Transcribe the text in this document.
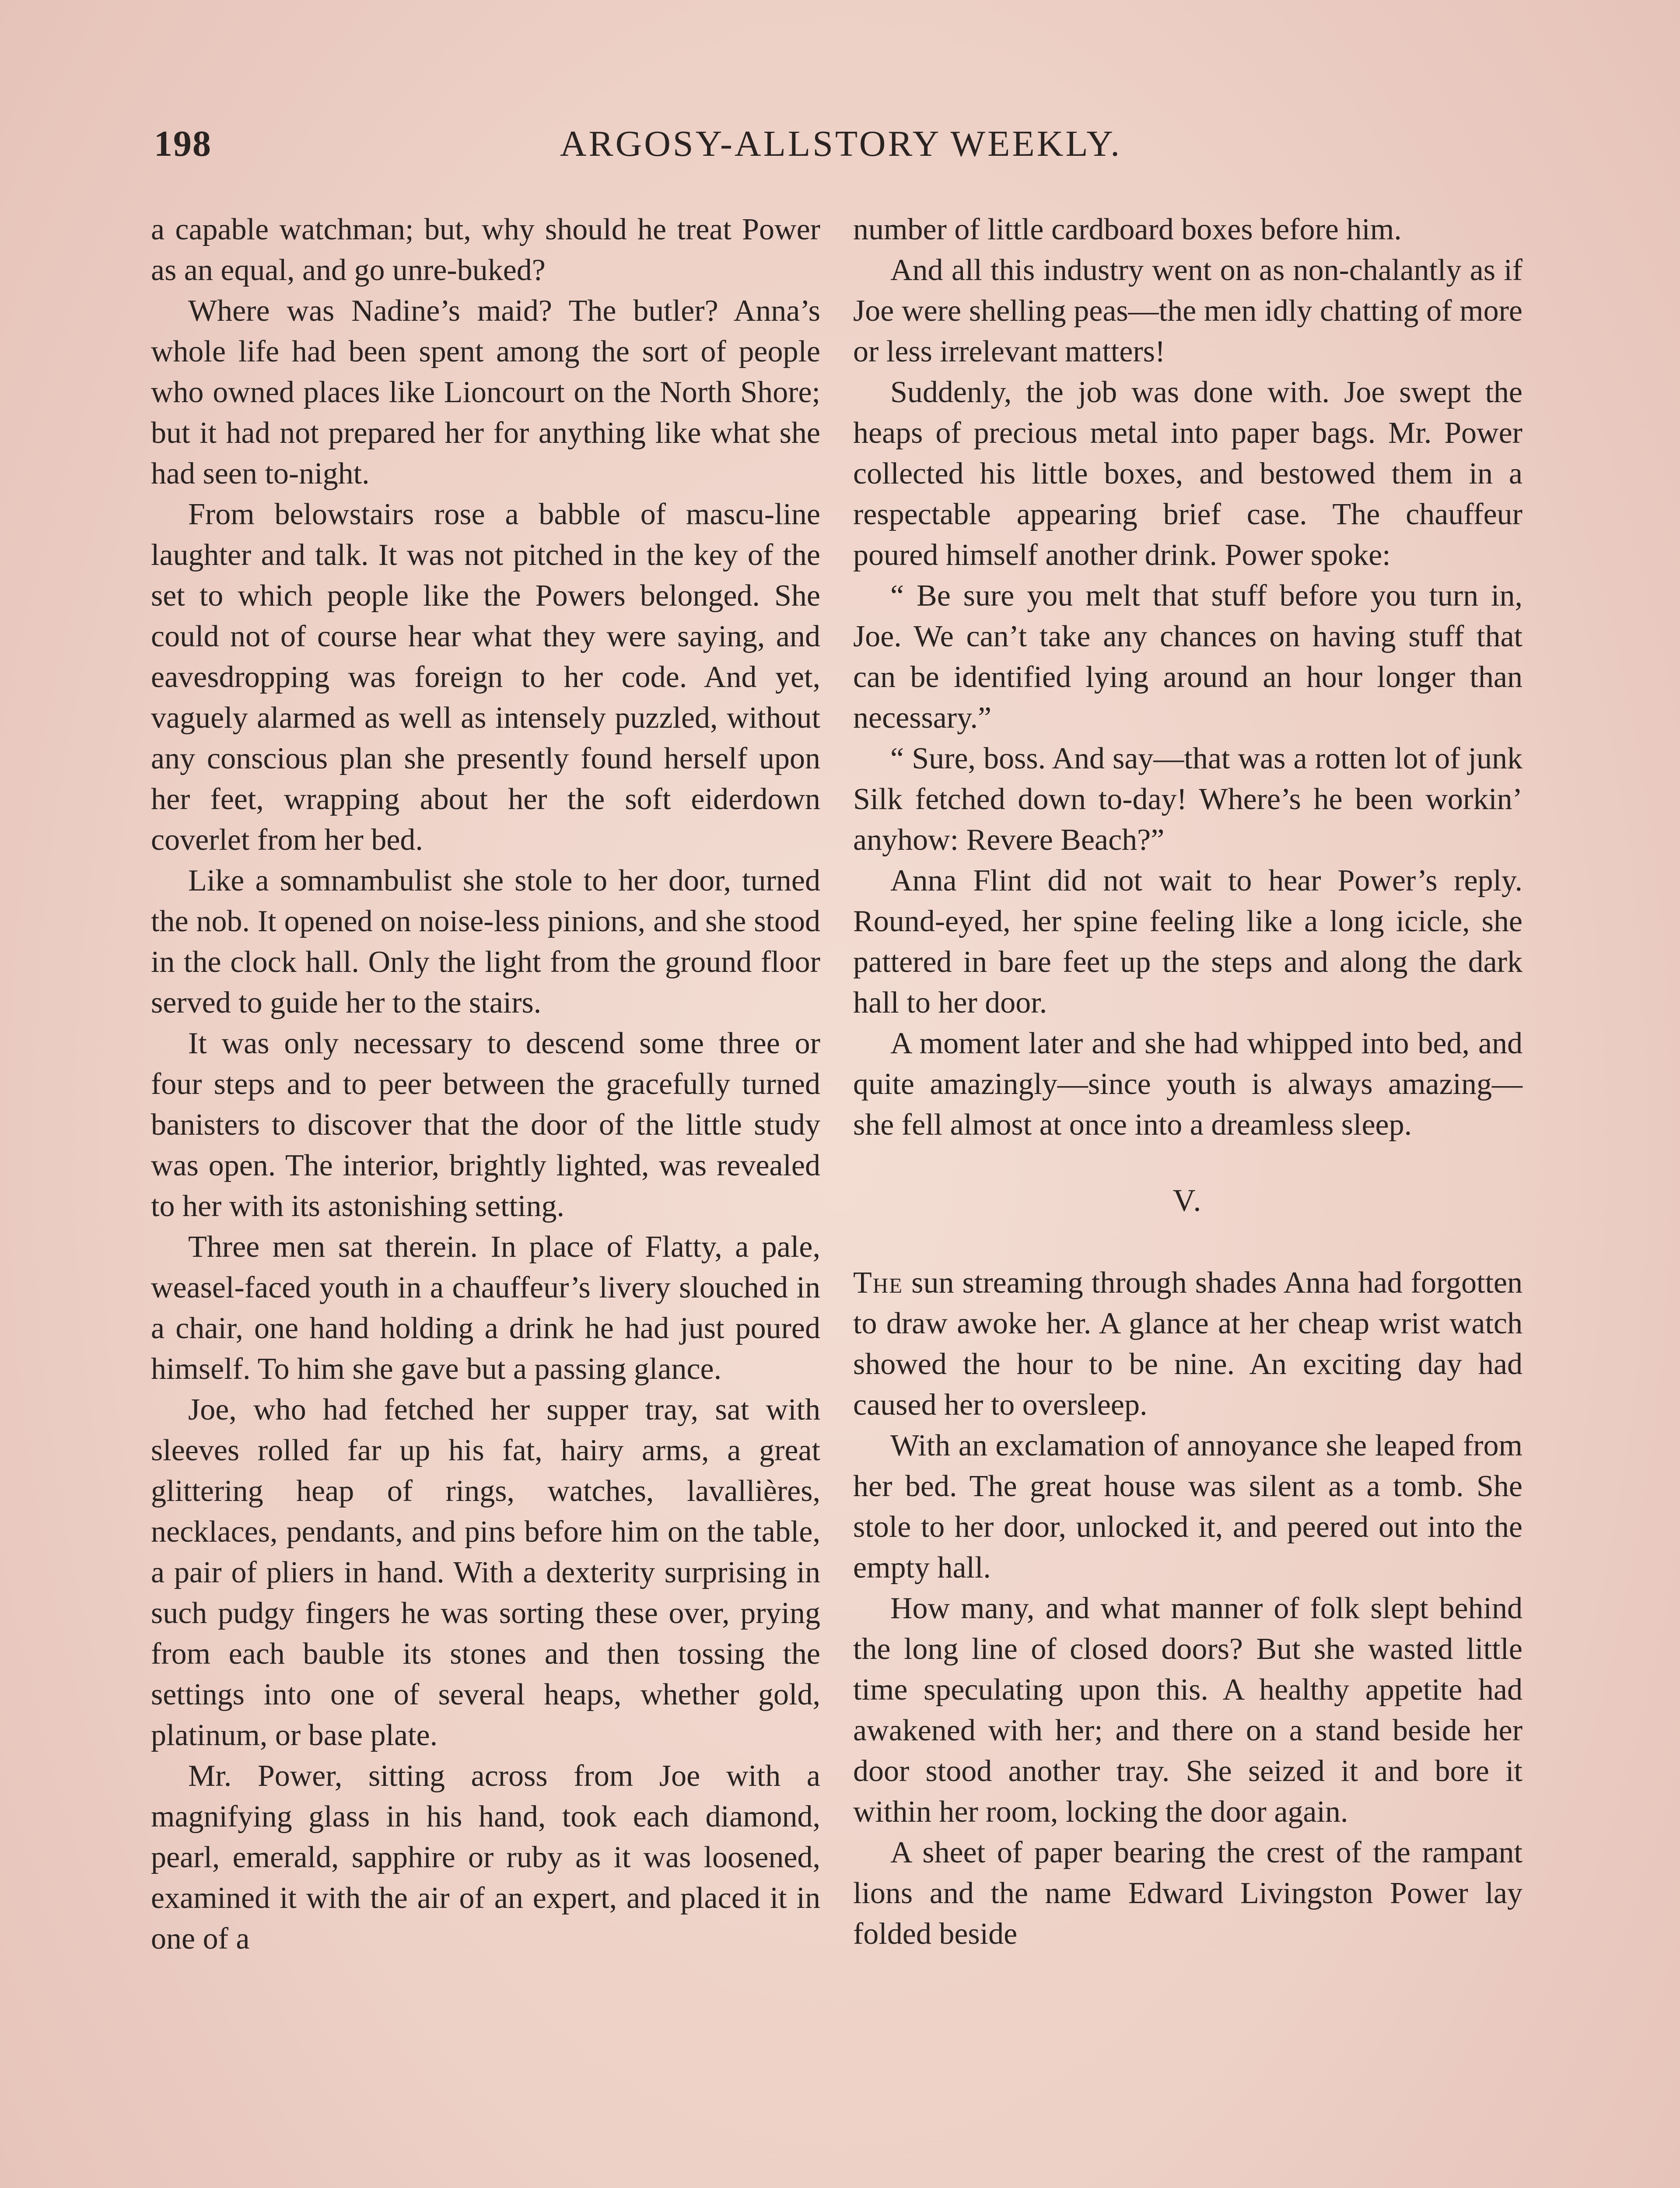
198	ARGOSY-ALLSTORY WEEKLY.

a capable watchman; but, why should he treat Power as an equal, and go unre-buked?

Where was Nadine’s maid? The butler? Anna’s whole life had been spent among the sort of people who owned places like Lioncourt on the North Shore; but it had not prepared her for anything like what she had seen to-night.

From belowstairs rose a babble of mascu-line laughter and talk. It was not pitched in the key of the set to which people like the Powers belonged. She could not of course hear what they were saying, and eavesdropping was foreign to her code. And yet, vaguely alarmed as well as intensely puzzled, without any conscious plan she presently found herself upon her feet, wrapping about her the soft eiderdown coverlet from her bed.

Like a somnambulist she stole to her door, turned the nob. It opened on noise-less pinions, and she stood in the clock hall. Only the light from the ground floor served to guide her to the stairs.

It was only necessary to descend some three or four steps and to peer between the gracefully turned banisters to discover that the door of the little study was open. The interior, brightly lighted, was revealed to her with its astonishing setting.

Three men sat therein. In place of Flatty, a pale, weasel-faced youth in a chauffeur’s livery slouched in a chair, one hand holding a drink he had just poured himself. To him she gave but a passing glance.

Joe, who had fetched her supper tray, sat with sleeves rolled far up his fat, hairy arms, a great glittering heap of rings, watches, lavallières, necklaces, pendants, and pins before him on the table, a pair of pliers in hand. With a dexterity surprising in such pudgy fingers he was sorting these over, prying from each bauble its stones and then tossing the settings into one of several heaps, whether gold, platinum, or base plate.

Mr. Power, sitting across from Joe with a magnifying glass in his hand, took each diamond, pearl, emerald, sapphire or ruby as it was loosened, examined it with the air of an expert, and placed it in one of a

number of little cardboard boxes before him.

And all this industry went on as non-chalantly as if Joe were shelling peas—the men idly chatting of more or less irrelevant matters!

Suddenly, the job was done with. Joe swept the heaps of precious metal into paper bags. Mr. Power collected his little boxes, and bestowed them in a respectable appearing brief case. The chauffeur poured himself another drink. Power spoke:

“ Be sure you melt that stuff before you turn in, Joe. We can’t take any chances on having stuff that can be identified lying around an hour longer than necessary.”

“ Sure, boss. And say—that was a rotten lot of junk Silk fetched down to-day! Where’s he been workin’ anyhow: Revere Beach?”

Anna Flint did not wait to hear Power’s reply. Round-eyed, her spine feeling like a long icicle, she pattered in bare feet up the steps and along the dark hall to her door.

A moment later and she had whipped into bed, and quite amazingly—since youth is always amazing—she fell almost at once into a dreamless sleep.

V.

The sun streaming through shades Anna had forgotten to draw awoke her. A glance at her cheap wrist watch showed the hour to be nine. An exciting day had caused her to oversleep.

With an exclamation of annoyance she leaped from her bed. The great house was silent as a tomb. She stole to her door, unlocked it, and peered out into the empty hall.

How many, and what manner of folk slept behind the long line of closed doors? But she wasted little time speculating upon this. A healthy appetite had awakened with her; and there on a stand beside her door stood another tray. She seized it and bore it within her room, locking the door again.

A sheet of paper bearing the crest of the rampant lions and the name Edward Livingston Power lay folded beside
